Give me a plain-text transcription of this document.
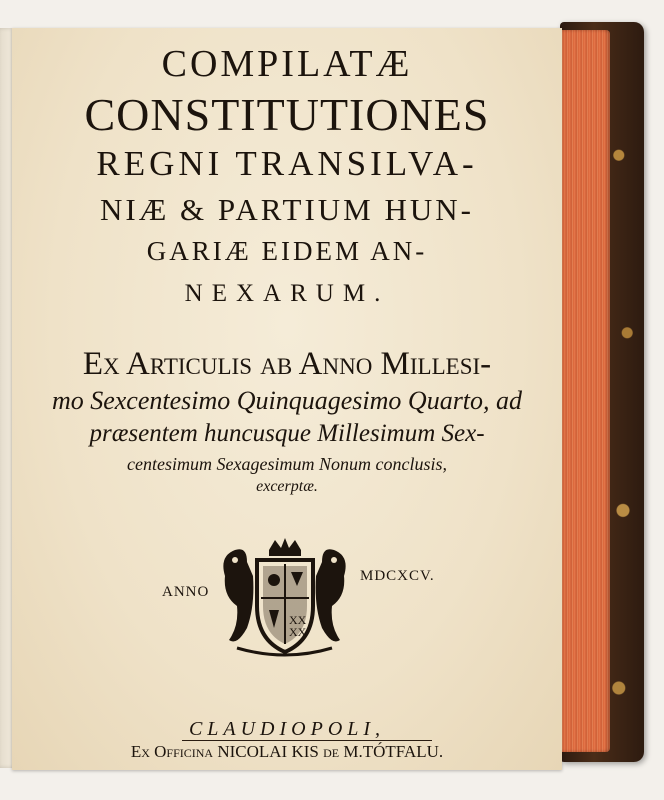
COMPILATÆ
CONSTITUTIONES
REGNI TRANSILVA-
NIÆ & PARTIUM HUN-
GARIÆ EIDEM AN-
NEXARUM.
Ex Articulis ab Anno Millesi-
mo Sexcentesimo Quinquagesimo Quarto, ad
præsentem huncusque Millesimum Sex-
centesimum Sexagesimum Nonum conclusis,
excerptæ.
ANNO
MDCXCV.
XX
XX
CLAUDIOPOLI,
Ex Officina NICOLAI KIS de M.TÓTFALU.
